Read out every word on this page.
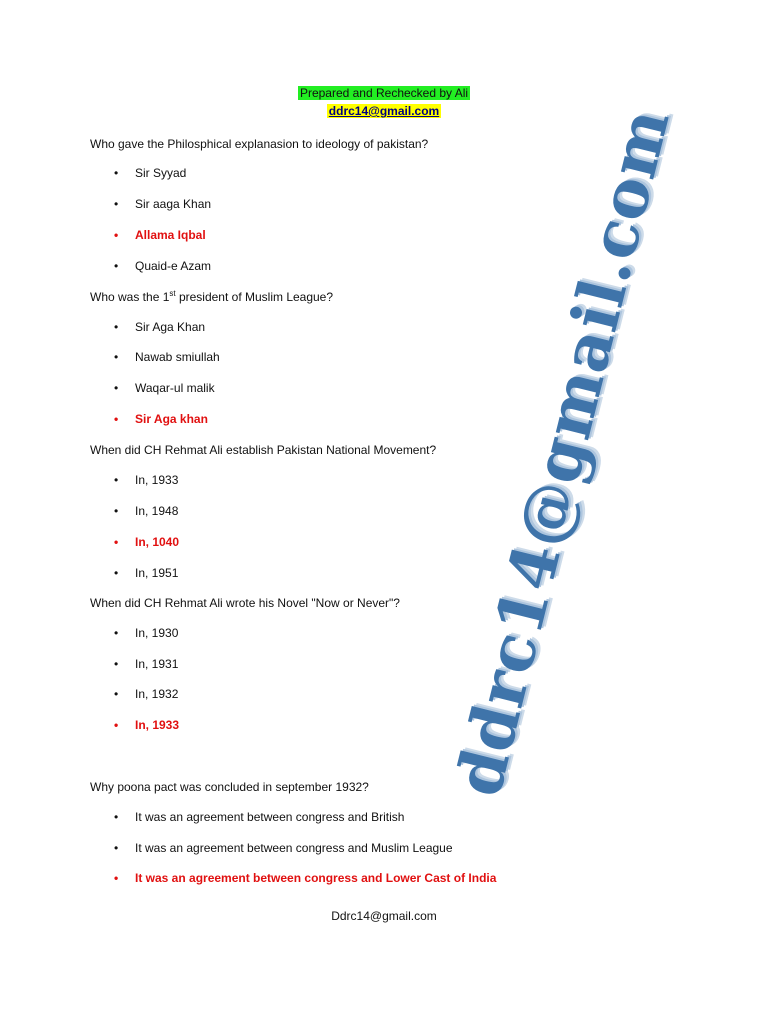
Prepared and Rechecked by Ali
ddrc14@gmail.com ddrc14@gmail.com
Who gave the Philosphical explanasion to ideology of pakistan?
• Sir Syyad
• Sir aaga Khan
• Allama Iqbal
• Quaid-e Azam
Who was the 1st president of Muslim League?
• Sir Aga Khan
• Nawab smiullah
• Waqar-ul malik
• Sir Aga khan
When did CH Rehmat Ali establish Pakistan National Movement?
• In, 1933
• In, 1948
• In, 1040
• In, 1951
When did CH Rehmat Ali wrote his Novel "Now or Never"?
• In, 1930
• In, 1931
• In, 1932
• In, 1933
Why poona pact was concluded in september 1932?
• It was an agreement between congress and British
• It was an agreement between congress and Muslim League
• It was an agreement between congress and Lower Cast of India
Ddrc14@gmail.com
